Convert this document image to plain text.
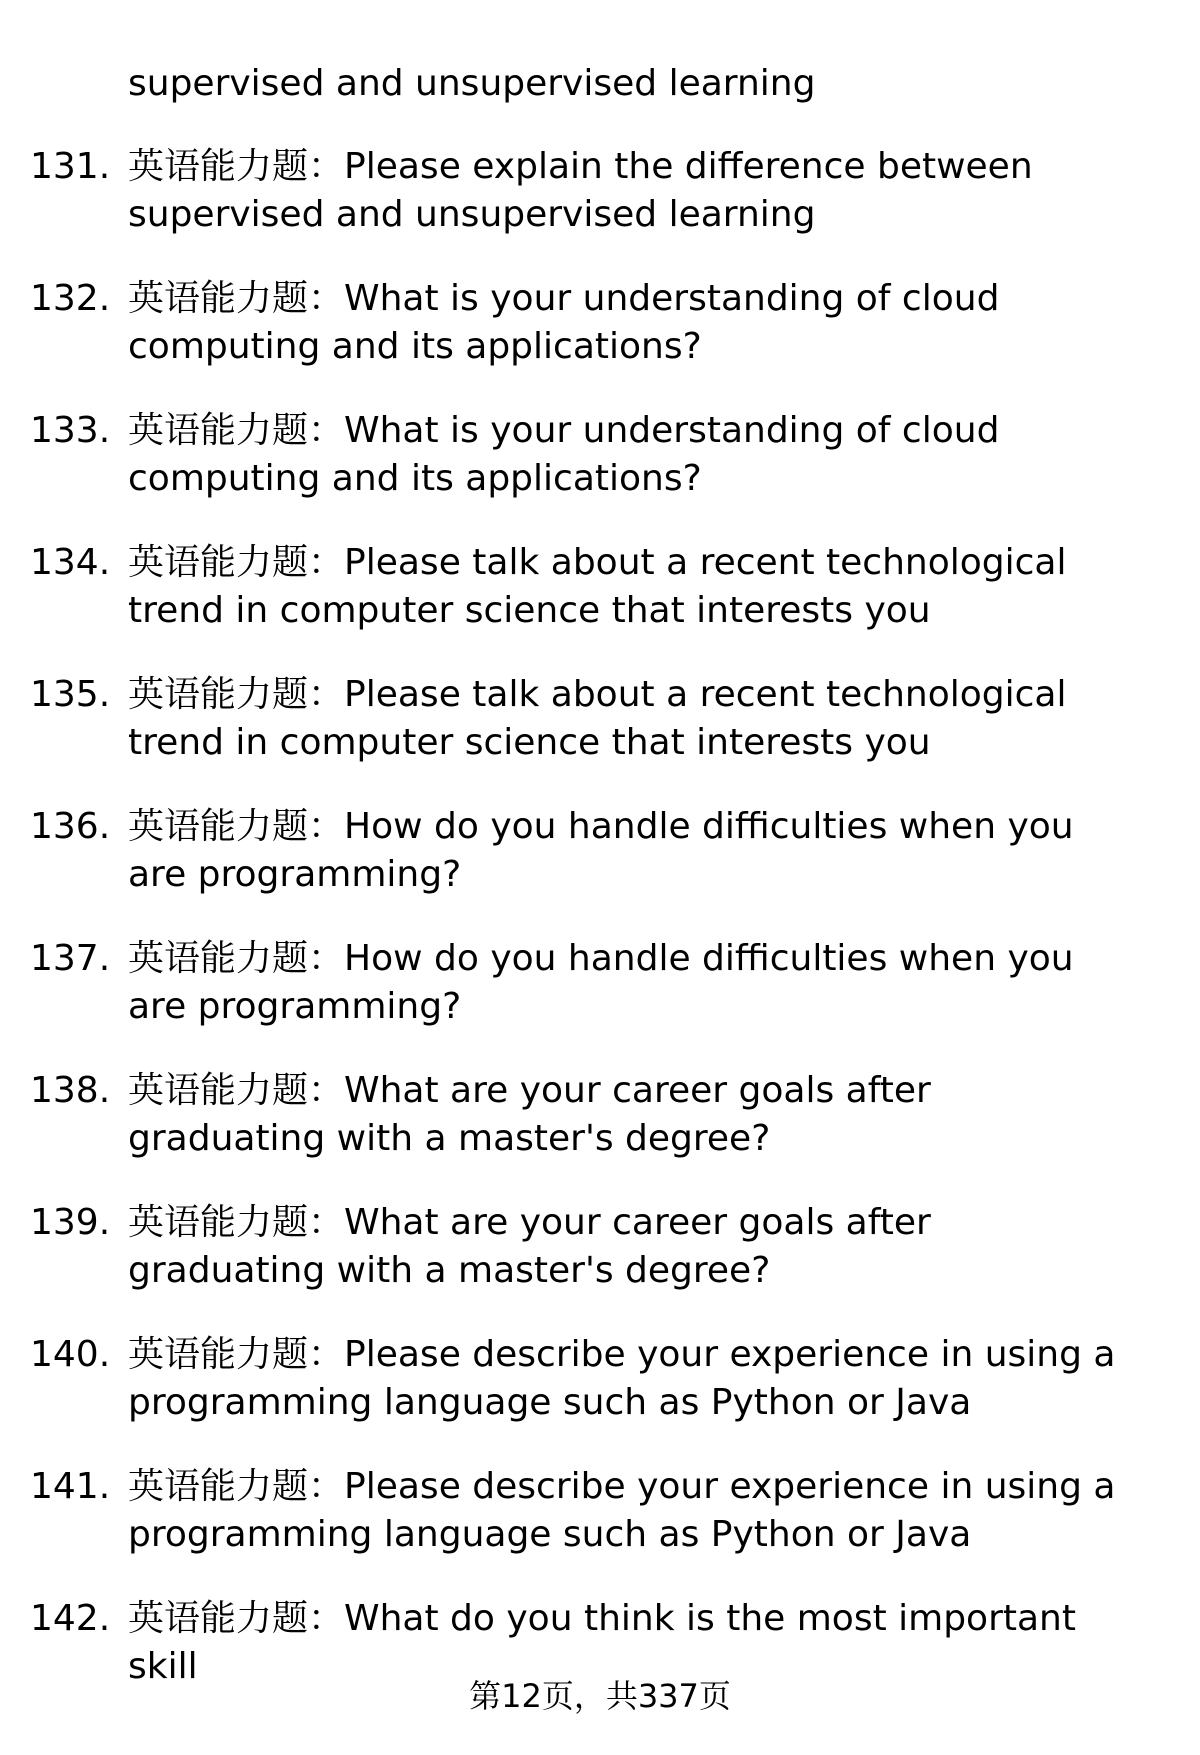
supervised and unsupervised learning
131. 英语能力题：Please explain the difference between supervised and unsupervised learning
132. 英语能力题：What is your understanding of cloud computing and its applications?
133. 英语能力题：What is your understanding of cloud computing and its applications?
134. 英语能力题：Please talk about a recent technological trend in computer science that interests you
135. 英语能力题：Please talk about a recent technological trend in computer science that interests you
136. 英语能力题：How do you handle difficulties when you are programming?
137. 英语能力题：How do you handle difficulties when you are programming?
138. 英语能力题：What are your career goals after graduating with a master's degree?
139. 英语能力题：What are your career goals after graduating with a master's degree?
140. 英语能力题：Please describe your experience in using a programming language such as Python or Java
141. 英语能力题：Please describe your experience in using a programming language such as Python or Java
142. 英语能力题：What do you think is the most important skill
第12页，共337页
